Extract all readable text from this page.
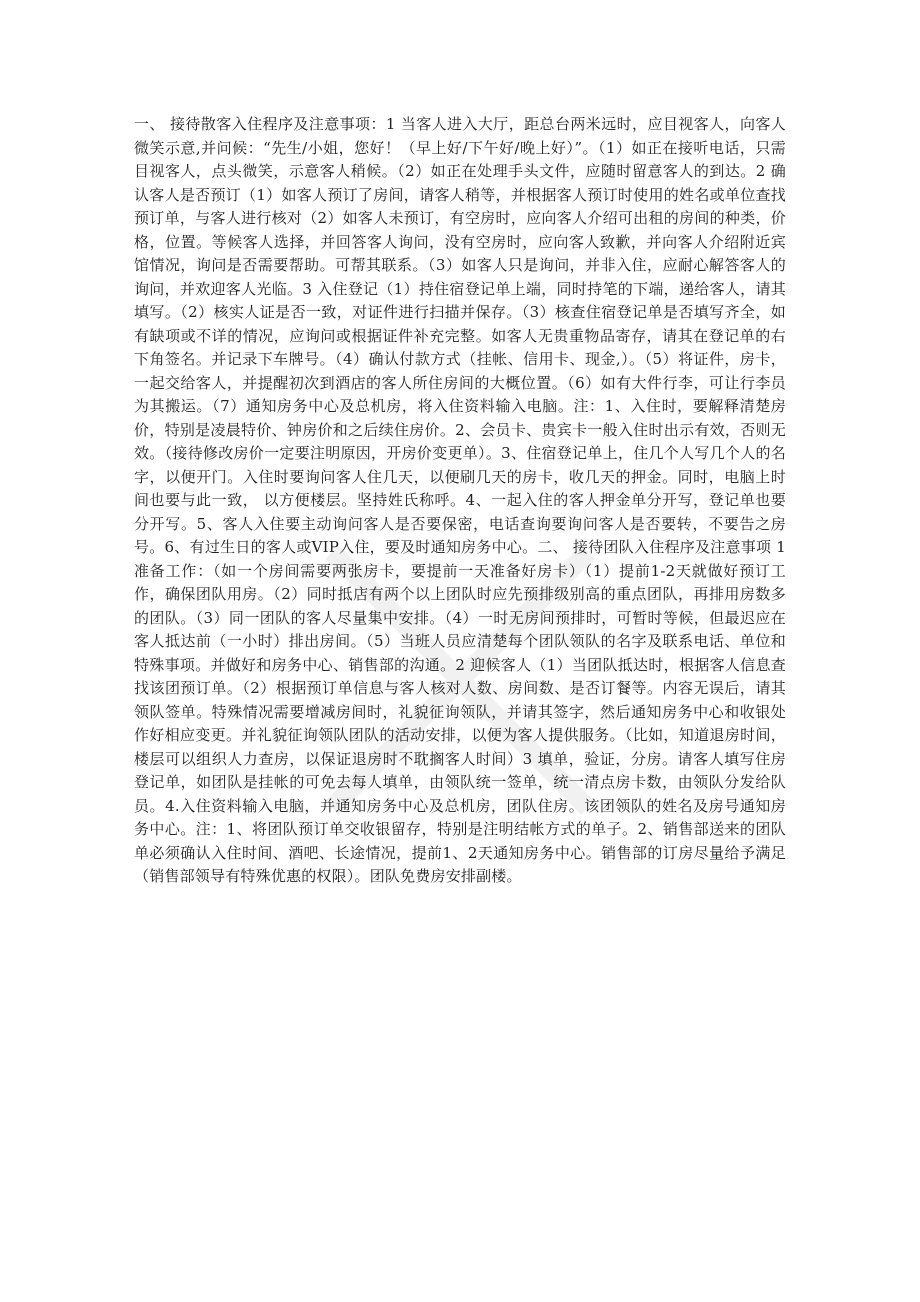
一、 接待散客入住程序及注意事项：1 当客人进入大厅，距总台两米远时，应目视客人，向客人微笑示意,并问候：“先生/小姐，您好！（早上好/下午好/晚上好）”。（1）如正在接听电话，只需目视客人，点头微笑，示意客人稍候。（2）如正在处理手头文件，应随时留意客人的到达。2 确认客人是否预订（1）如客人预订了房间，请客人稍等，并根据客人预订时使用的姓名或单位查找预订单，与客人进行核对（2）如客人未预订，有空房时，应向客人介绍可出租的房间的种类，价格，位置。等候客人选择，并回答客人询问，没有空房时，应向客人致歉，并向客人介绍附近宾馆情况，询问是否需要帮助。可帮其联系。（3）如客人只是询问，并非入住，应耐心解答客人的询问，并欢迎客人光临。3 入住登记（1）持住宿登记单上端，同时持笔的下端，递给客人，请其填写。（2）核实人证是否一致，对证件进行扫描并保存。（3）核查住宿登记单是否填写齐全，如有缺项或不详的情况，应询问或根据证件补充完整。如客人无贵重物品寄存，请其在登记单的右下角签名。并记录下车牌号。（4）确认付款方式（挂帐、信用卡、现金,）。（5）将证件，房卡，一起交给客人，并提醒初次到酒店的客人所住房间的大概位置。（6）如有大件行李，可让行李员为其搬运。（7）通知房务中心及总机房，将入住资料输入电脑。注：1、入住时，要解释清楚房价，特别是凌晨特价、钟房价和之后续住房价。2、会员卡、贵宾卡一般入住时出示有效，否则无效。（接待修改房价一定要注明原因，开房价变更单）。3、住宿登记单上，住几个人写几个人的名字，以便开门。入住时要询问客人住几天，以便刷几天的房卡，收几天的押金。同时，电脑上时间也要与此一致， 以方便楼层。坚持姓氏称呼。4、一起入住的客人押金单分开写，登记单也要分开写。5、客人入住要主动询问客人是否要保密，电话查询要询问客人是否要转，不要告之房号。6、有过生日的客人或VIP入住，要及时通知房务中心。二、 接待团队入住程序及注意事项 1 准备工作：（如一个房间需要两张房卡，要提前一天准备好房卡）（1）提前1-2天就做好预订工作，确保团队用房。（2）同时抵店有两个以上团队时应先预排级别高的重点团队，再排用房数多的团队。（3）同一团队的客人尽量集中安排。（4）一时无房间预排时，可暂时等候，但最迟应在客人抵达前（一小时）排出房间。（5）当班人员应清楚每个团队领队的名字及联系电话、单位和特殊事项。并做好和房务中心、销售部的沟通。2 迎候客人（1）当团队抵达时，根据客人信息查找该团预订单。（2）根据预订单信息与客人核对人数、房间数、是否订餐等。内容无误后，请其领队签单。特殊情况需要增减房间时，礼貌征询领队，并请其签字，然后通知房务中心和收银处作好相应变更。并礼貌征询领队团队的活动安排，以便为客人提供服务。（比如，知道退房时间，楼层可以组织人力查房，以保证退房时不耽搁客人时间）3 填单，验证，分房。请客人填写住房登记单，如团队是挂帐的可免去每人填单，由领队统一签单，统一清点房卡数，由领队分发给队员。4.入住资料输入电脑，并通知房务中心及总机房，团队住房。该团领队的姓名及房号通知房务中心。注：1、将团队预订单交收银留存，特别是注明结帐方式的单子。2、销售部送来的团队单必须确认入住时间、酒吧、长途情况，提前1、2天通知房务中心。销售部的订房尽量给予满足（销售部领导有特殊优惠的权限）。团队免费房安排副楼。
